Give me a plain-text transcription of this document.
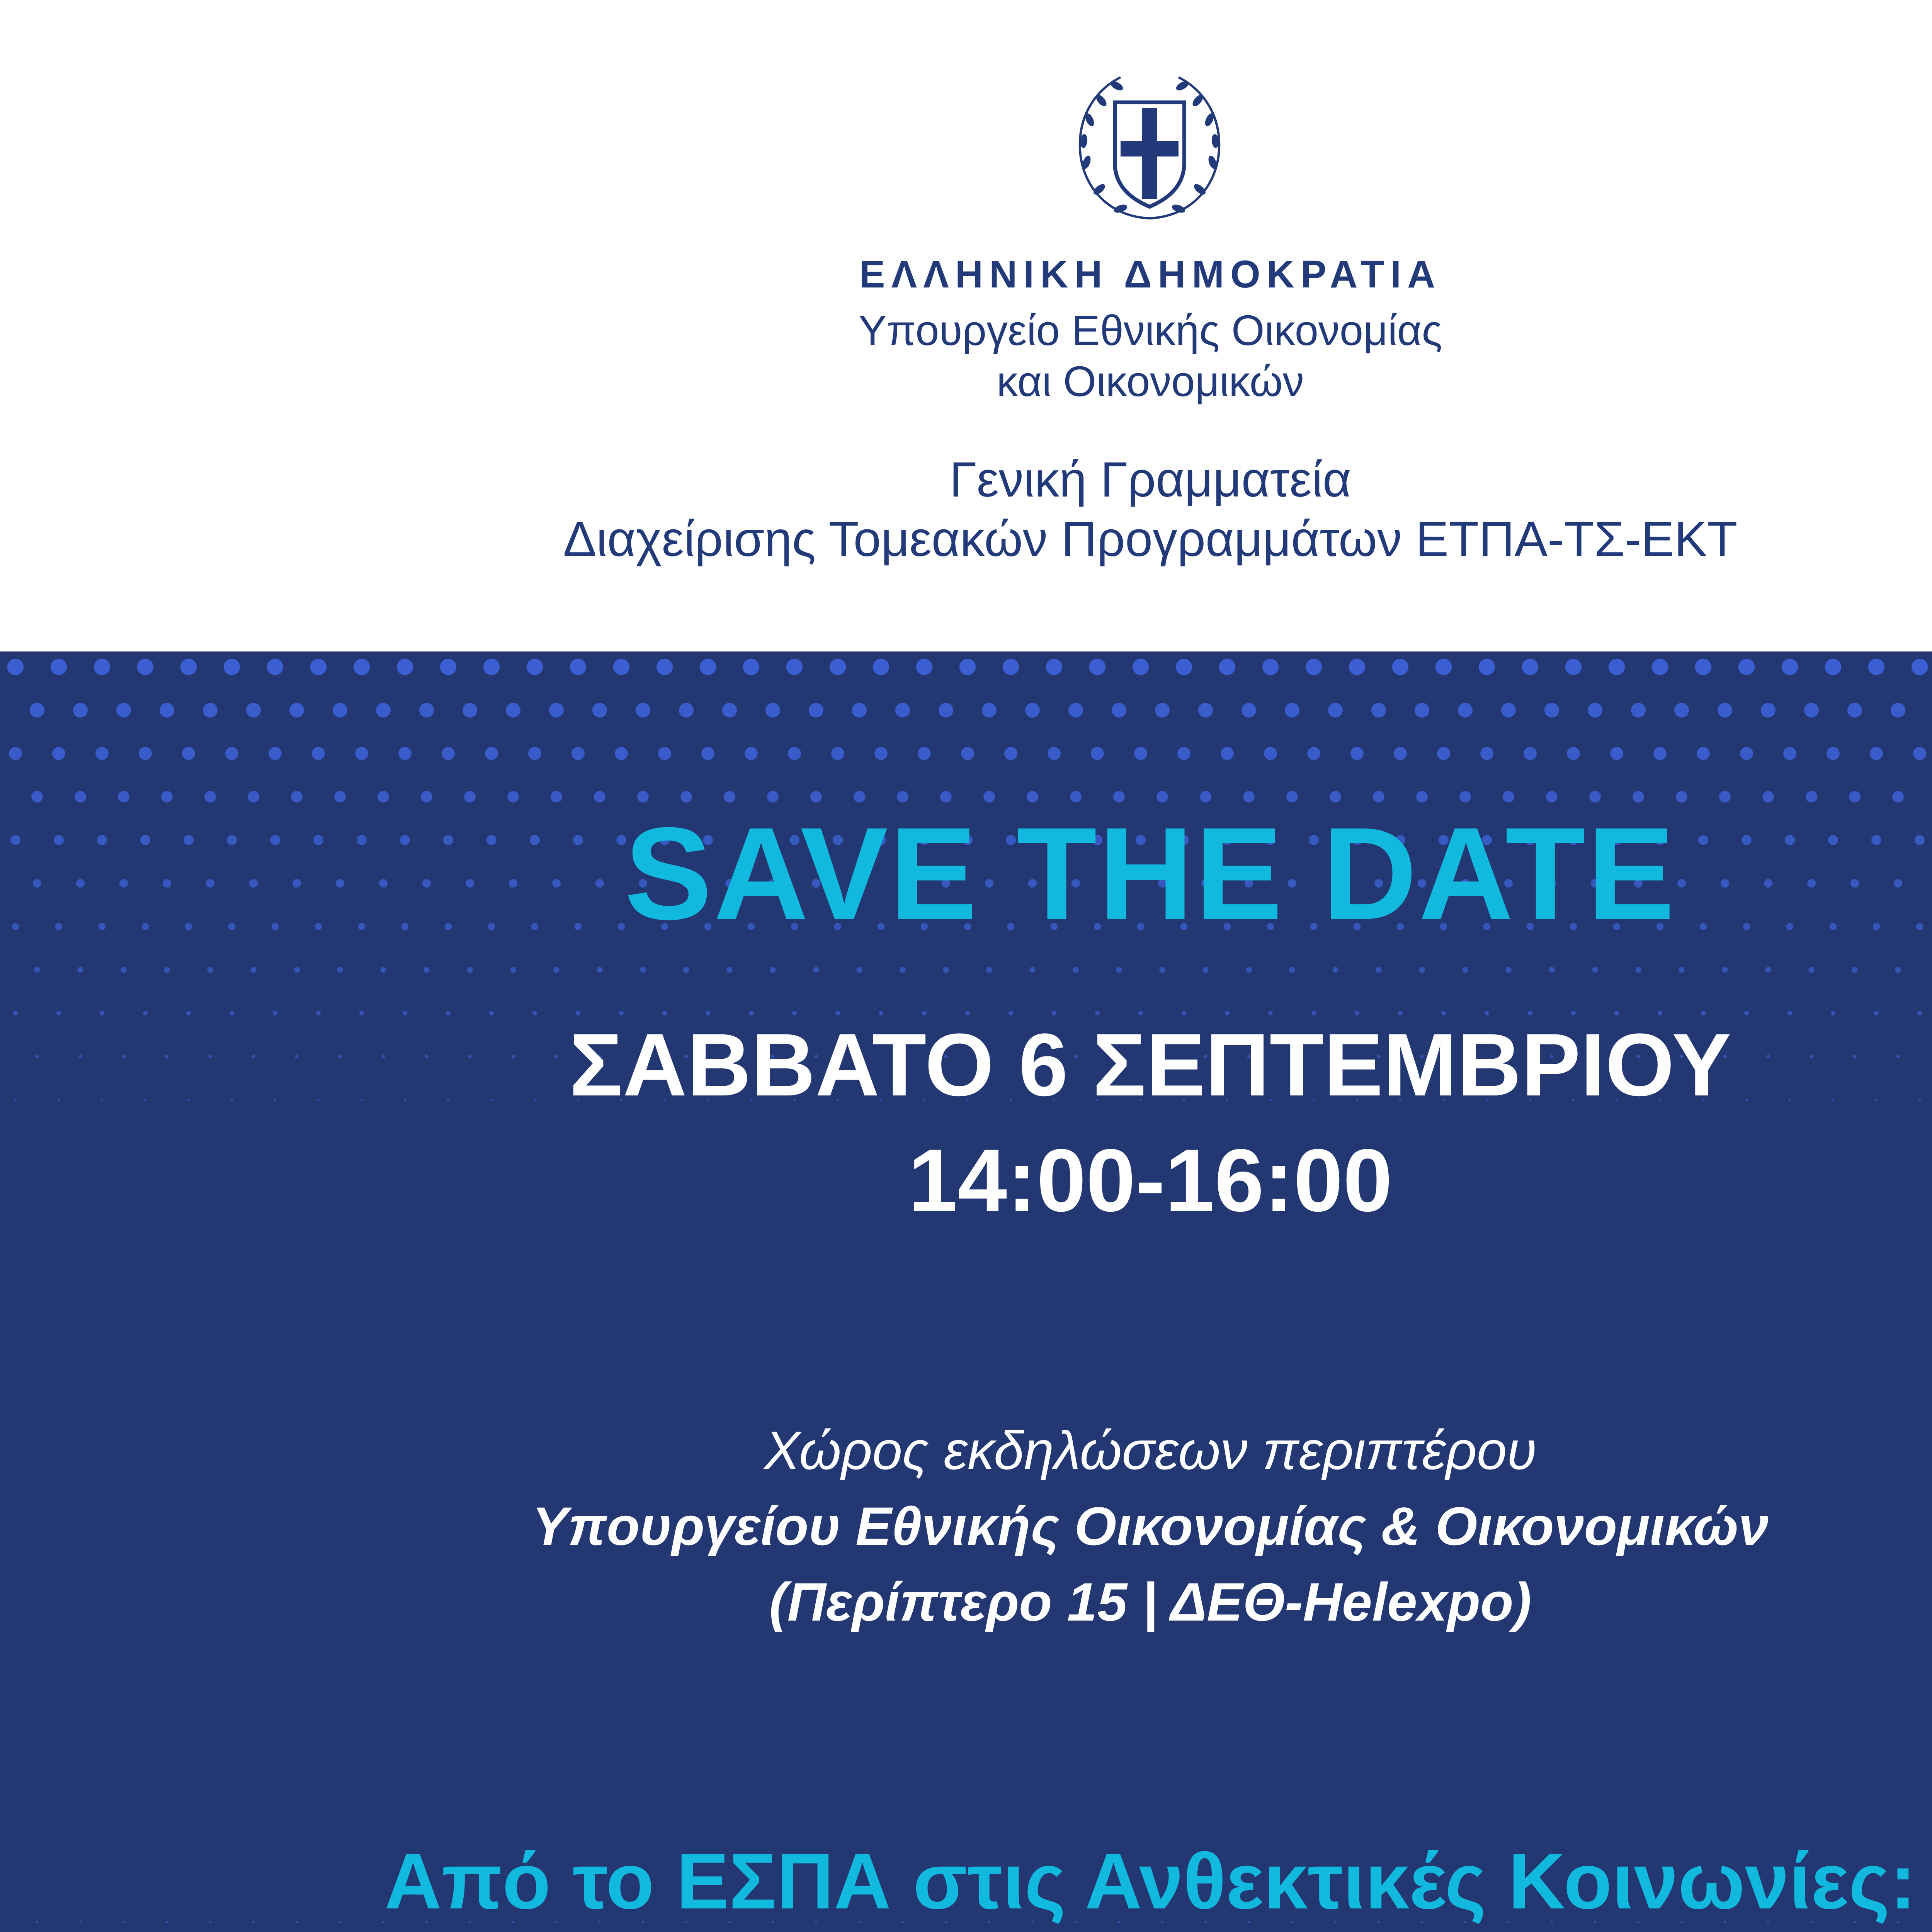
ΕΛΛΗΝΙΚΗ ΔΗΜΟΚΡΑΤΙΑ
Υπουργείο Εθνικής Οικονομίας
και Οικονομικών
Γενική Γραμματεία
Διαχείρισης Τομεακών Προγραμμάτων ΕΤΠΑ-ΤΣ-ΕΚΤ
SAVE THE DATE
ΣΑΒΒΑΤΟ 6 ΣΕΠΤΕΜΒΡΙΟΥ
14:00-16:00
Χώρος εκδηλώσεων περιπτέρου
Υπουργείου Εθνικής Οικονομίας & Οικονομικών
(Περίπτερο 15 | ΔΕΘ-Helexpo)
Από το ΕΣΠΑ στις Ανθεκτικές Κοινωνίες:
